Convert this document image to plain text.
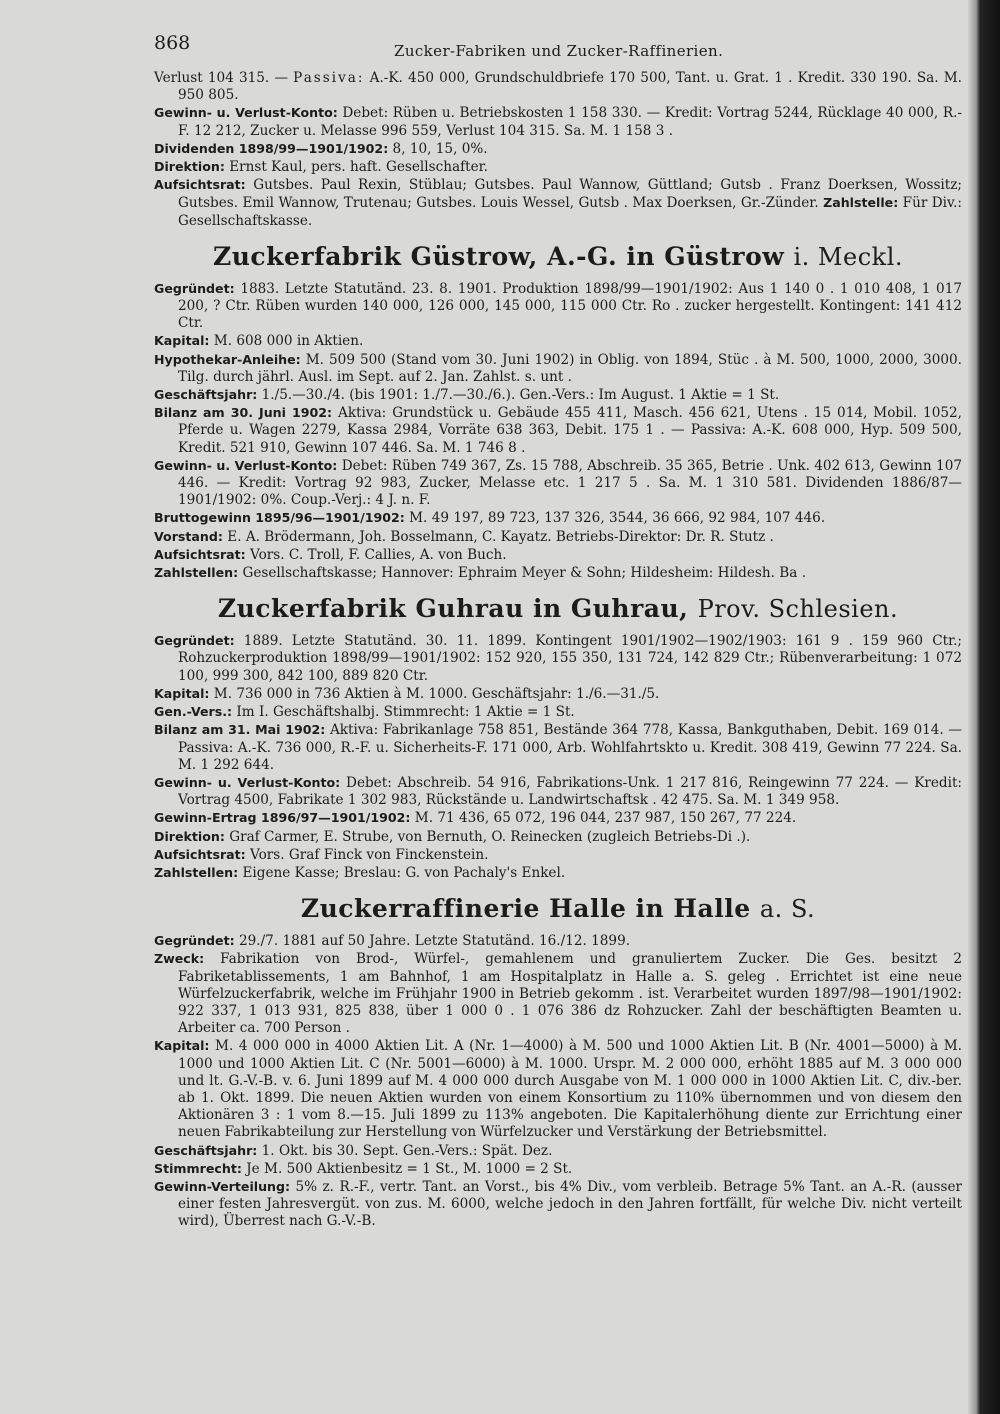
868	Zucker-Fabriken und Zucker-Raffinerien.

Verlust 104 315. — Passiva: A.-K. 450 000, Grundschuldbriefe 170 500, Tant. u. Grat. 1 . Kredit. 330 190. Sa. M. 950 805.

Gewinn- u. Verlust-Konto: Debet: Rüben u. Betriebskosten 1 158 330. — Kredit: Vortrag 5244, Rücklage 40 000, R.-F. 12 212, Zucker u. Melasse 996 559, Verlust 104 315. Sa. M. 1 158 3 .

Dividenden 1898/99—1901/1902: 8, 10, 15, 0%.

Direktion: Ernst Kaul, pers. haft. Gesellschafter.

Aufsichtsrat: Gutsbes. Paul Rexin, Stüblau; Gutsbes. Paul Wannow, Güttland; Gutsb . Franz Doerksen, Wossitz; Gutsbes. Emil Wannow, Trutenau; Gutsbes. Louis Wessel, Gutsb . Max Doerksen, Gr.-Zünder. Zahlstelle: Für Div.: Gesellschaftskasse.

Zuckerfabrik Güstrow, A.-G. in Güstrow i. Meckl.

Gegründet: 1883. Letzte Statutänd. 23. 8. 1901. Produktion 1898/99—1901/1902: Aus 1 140 0 . 1 010 408, 1 017 200, ? Ctr. Rüben wurden 140 000, 126 000, 145 000, 115 000 Ctr. Ro . zucker hergestellt. Kontingent: 141 412 Ctr.

Kapital: M. 608 000 in Aktien.

Hypothekar-Anleihe: M. 509 500 (Stand vom 30. Juni 1902) in Oblig. von 1894, Stüc . à M. 500, 1000, 2000, 3000. Tilg. durch jährl. Ausl. im Sept. auf 2. Jan. Zahlst. s. unt .

Geschäftsjahr: 1./5.—30./4. (bis 1901: 1./7.—30./6.). Gen.-Vers.: Im August. 1 Aktie = 1 St.

Bilanz am 30. Juni 1902: Aktiva: Grundstück u. Gebäude 455 411, Masch. 456 621, Utens . 15 014, Mobil. 1052, Pferde u. Wagen 2279, Kassa 2984, Vorräte 638 363, Debit. 175 1 . — Passiva: A.-K. 608 000, Hyp. 509 500, Kredit. 521 910, Gewinn 107 446. Sa. M. 1 746 8 .

Gewinn- u. Verlust-Konto: Debet: Rüben 749 367, Zs. 15 788, Abschreib. 35 365, Betrie . Unk. 402 613, Gewinn 107 446. — Kredit: Vortrag 92 983, Zucker, Melasse etc. 1 217 5 . Sa. M. 1 310 581. Dividenden 1886/87—1901/1902: 0%. Coup.-Verj.: 4 J. n. F.

Bruttogewinn 1895/96—1901/1902: M. 49 197, 89 723, 137 326, 3544, 36 666, 92 984, 107 446.

Vorstand: E. A. Brödermann, Joh. Bosselmann, C. Kayatz. Betriebs-Direktor: Dr. R. Stutz .

Aufsichtsrat: Vors. C. Troll, F. Callies, A. von Buch.

Zahlstellen: Gesellschaftskasse; Hannover: Ephraim Meyer & Sohn; Hildesheim: Hildesh. Ba .

Zuckerfabrik Guhrau in Guhrau, Prov. Schlesien.

Gegründet: 1889. Letzte Statutänd. 30. 11. 1899. Kontingent 1901/1902—1902/1903: 161 9 . 159 960 Ctr.; Rohzuckerproduktion 1898/99—1901/1902: 152 920, 155 350, 131 724, 142 829 Ctr.; Rübenverarbeitung: 1 072 100, 999 300, 842 100, 889 820 Ctr.

Kapital: M. 736 000 in 736 Aktien à M. 1000. Geschäftsjahr: 1./6.—31./5.

Gen.-Vers.: Im I. Geschäftshalbj. Stimmrecht: 1 Aktie = 1 St.

Bilanz am 31. Mai 1902: Aktiva: Fabrikanlage 758 851, Bestände 364 778, Kassa, Bankguthaben, Debit. 169 014. — Passiva: A.-K. 736 000, R.-F. u. Sicherheits-F. 171 000, Arb. Wohlfahrtskto u. Kredit. 308 419, Gewinn 77 224. Sa. M. 1 292 644.

Gewinn- u. Verlust-Konto: Debet: Abschreib. 54 916, Fabrikations-Unk. 1 217 816, Reingewinn 77 224. — Kredit: Vortrag 4500, Fabrikate 1 302 983, Rückstände u. Landwirtschaftsk . 42 475. Sa. M. 1 349 958.

Gewinn-Ertrag 1896/97—1901/1902: M. 71 436, 65 072, 196 044, 237 987, 150 267, 77 224.

Direktion: Graf Carmer, E. Strube, von Bernuth, O. Reinecken (zugleich Betriebs-Di .).

Aufsichtsrat: Vors. Graf Finck von Finckenstein.

Zahlstellen: Eigene Kasse; Breslau: G. von Pachaly's Enkel.

Zuckerraffinerie Halle in Halle a. S.

Gegründet: 29./7. 1881 auf 50 Jahre. Letzte Statutänd. 16./12. 1899.

Zweck: Fabrikation von Brod-, Würfel-, gemahlenem und granuliertem Zucker. Die Ges. besitzt 2 Fabriketablissements, 1 am Bahnhof, 1 am Hospitalplatz in Halle a. S. geleg . Errichtet ist eine neue Würfelzuckerfabrik, welche im Frühjahr 1900 in Betrieb gekomm . ist. Verarbeitet wurden 1897/98—1901/1902: 922 337, 1 013 931, 825 838, über 1 000 0 . 1 076 386 dz Rohzucker. Zahl der beschäftigten Beamten u. Arbeiter ca. 700 Person .

Kapital: M. 4 000 000 in 4000 Aktien Lit. A (Nr. 1—4000) à M. 500 und 1000 Aktien Lit. B (Nr. 4001—5000) à M. 1000 und 1000 Aktien Lit. C (Nr. 5001—6000) à M. 1000. Urspr. M. 2 000 000, erhöht 1885 auf M. 3 000 000 und lt. G.-V.-B. v. 6. Juni 1899 auf M. 4 000 000 durch Ausgabe von M. 1 000 000 in 1000 Aktien Lit. C, div.-ber. ab 1. Okt. 1899. Die neuen Aktien wurden von einem Konsortium zu 110% übernommen und von diesem den Aktionären 3 : 1 vom 8.—15. Juli 1899 zu 113% angeboten. Die Kapitalerhöhung diente zur Errichtung einer neuen Fabrikabteilung zur Herstellung von Würfelzucker und Verstärkung der Betriebsmittel.

Geschäftsjahr: 1. Okt. bis 30. Sept. Gen.-Vers.: Spät. Dez.

Stimmrecht: Je M. 500 Aktienbesitz = 1 St., M. 1000 = 2 St.

Gewinn-Verteilung: 5% z. R.-F., vertr. Tant. an Vorst., bis 4% Div., vom verbleib. Betrage 5% Tant. an A.-R. (ausser einer festen Jahresvergüt. von zus. M. 6000, welche jedoch in den Jahren fortfällt, für welche Div. nicht verteilt wird), Überrest nach G.-V.-B.
